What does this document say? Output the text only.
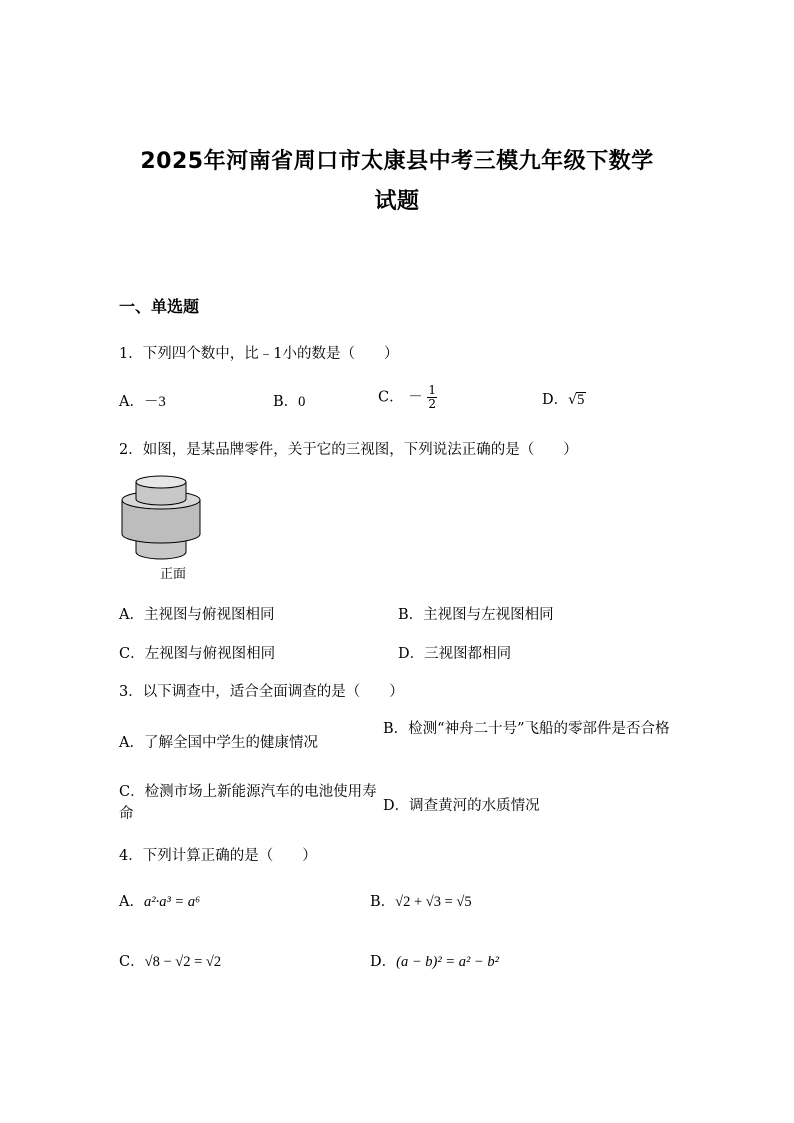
2025年河南省周口市太康县中考三模九年级下数学
试题
一、单选题
1．下列四个数中，比﹣1小的数是（　　）
A．－3	B．0	C． － $\frac{1}{2}$	D．√5
2．如图，是某品牌零件，关于它的三视图，下列说法正确的是（　　）
正面
A．主视图与俯视图相同	B．主视图与左视图相同
C．左视图与俯视图相同	D．三视图都相同
3．以下调查中，适合全面调查的是（　　）
A．了解全国中学生的健康情况
B．检测“神舟二十号”飞船的零部件是否合格
C．检测市场上新能源汽车的电池使用寿命	D．调查黄河的水质情况
4．下列计算正确的是（　　）
A．a²·a³ = a⁶	B．√2 + √3 = √5
C．√8 − √2 = √2	D．(a − b)² = a² − b²
